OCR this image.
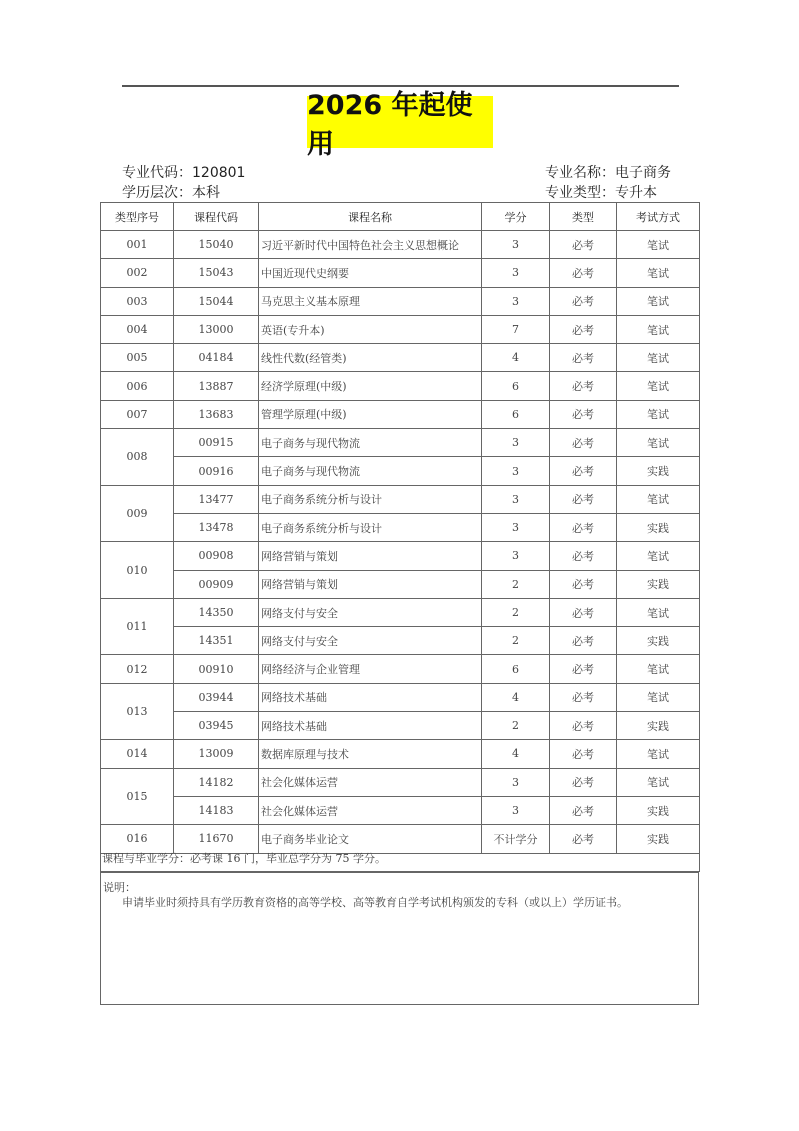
2026 年起使用
专业代码：120801
学历层次：本科
专业名称：电子商务
专业类型：专升本
类型序号	课程代码	课程名称	学分	类型	考试方式
001	15040	习近平新时代中国特色社会主义思想概论	3	必考	笔试
002	15043	中国近现代史纲要	3	必考	笔试
003	15044	马克思主义基本原理	3	必考	笔试
004	13000	英语(专升本)	7	必考	笔试
005	04184	线性代数(经管类)	4	必考	笔试
006	13887	经济学原理(中级)	6	必考	笔试
007	13683	管理学原理(中级)	6	必考	笔试
008	00915	电子商务与现代物流	3	必考	笔试
	00916	电子商务与现代物流	3	必考	实践
009	13477	电子商务系统分析与设计	3	必考	笔试
	13478	电子商务系统分析与设计	3	必考	实践
010	00908	网络营销与策划	3	必考	笔试
	00909	网络营销与策划	2	必考	实践
011	14350	网络支付与安全	2	必考	笔试
	14351	网络支付与安全	2	必考	实践
012	00910	网络经济与企业管理	6	必考	笔试
013	03944	网络技术基础	4	必考	笔试
	03945	网络技术基础	2	必考	实践
014	13009	数据库原理与技术	4	必考	笔试
015	14182	社会化媒体运营	3	必考	笔试
	14183	社会化媒体运营	3	必考	实践
016	11670	电子商务毕业论文	不计学分	必考	实践
课程与毕业学分：必考课 16 门，毕业总学分为 75 学分。
说明：
申请毕业时须持具有学历教育资格的高等学校、高等教育自学考试机构颁发的专科（或以上）学历证书。
